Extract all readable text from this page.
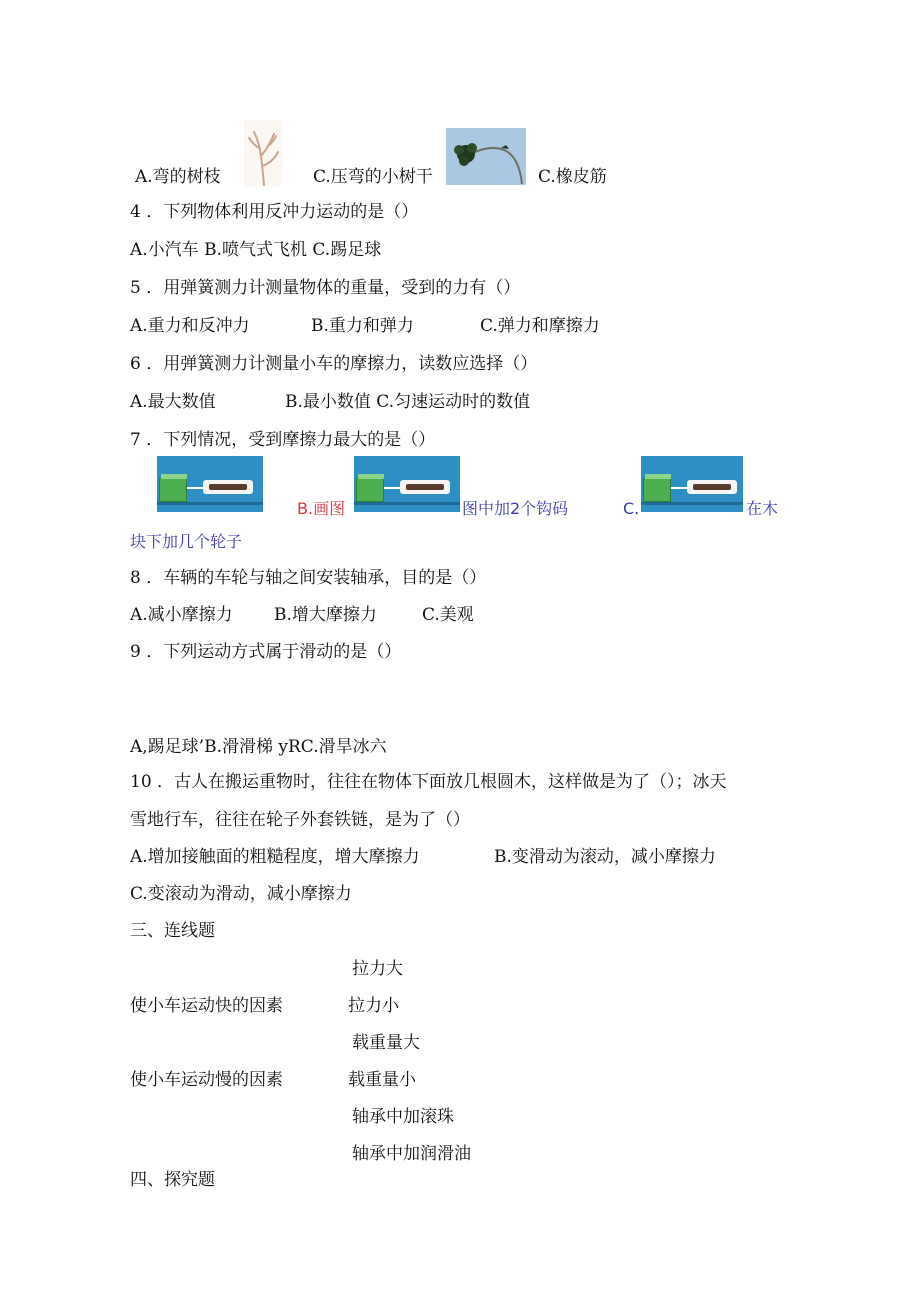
A.弯的树枝	C.压弯的小树干	C.橡皮筋
4 ．下列物体利用反冲力运动的是（）
A.小汽车 B.喷气式飞机 C.踢足球
5 ．用弹簧测力计测量物体的重量，受到的力有（）
A.重力和反冲力	B.重力和弹力	C.弹力和摩擦力
6 ．用弹簧测力计测量小车的摩擦力，读数应选择（）
A.最大数值	B.最小数值 C.匀速运动时的数值
7 ．下列情况，受到摩擦力最大的是（）
B.画图	图中加2个钩码	C.	在木
块下加几个轮子
8 ．车辆的车轮与轴之间安装轴承，目的是（）
A.减小摩擦力 B.增大摩擦力	C.美观
9 ．下列运动方式属于滑动的是（）
A,踢足球’B.滑滑梯 yRC.滑旱冰六
10 ．古人在搬运重物时，往往在物体下面放几根圆木，这样做是为了（）；冰天
雪地行车，往往在轮子外套铁链，是为了（）
A.增加接触面的粗糙程度，增大摩擦力	B.变滑动为滚动，减小摩擦力
C.变滚动为滑动，减小摩擦力
三、连线题
拉力大
使小车运动快的因素	拉力小
载重量大
使小车运动慢的因素	载重量小
轴承中加滚珠
轴承中加润滑油
四、探究题
